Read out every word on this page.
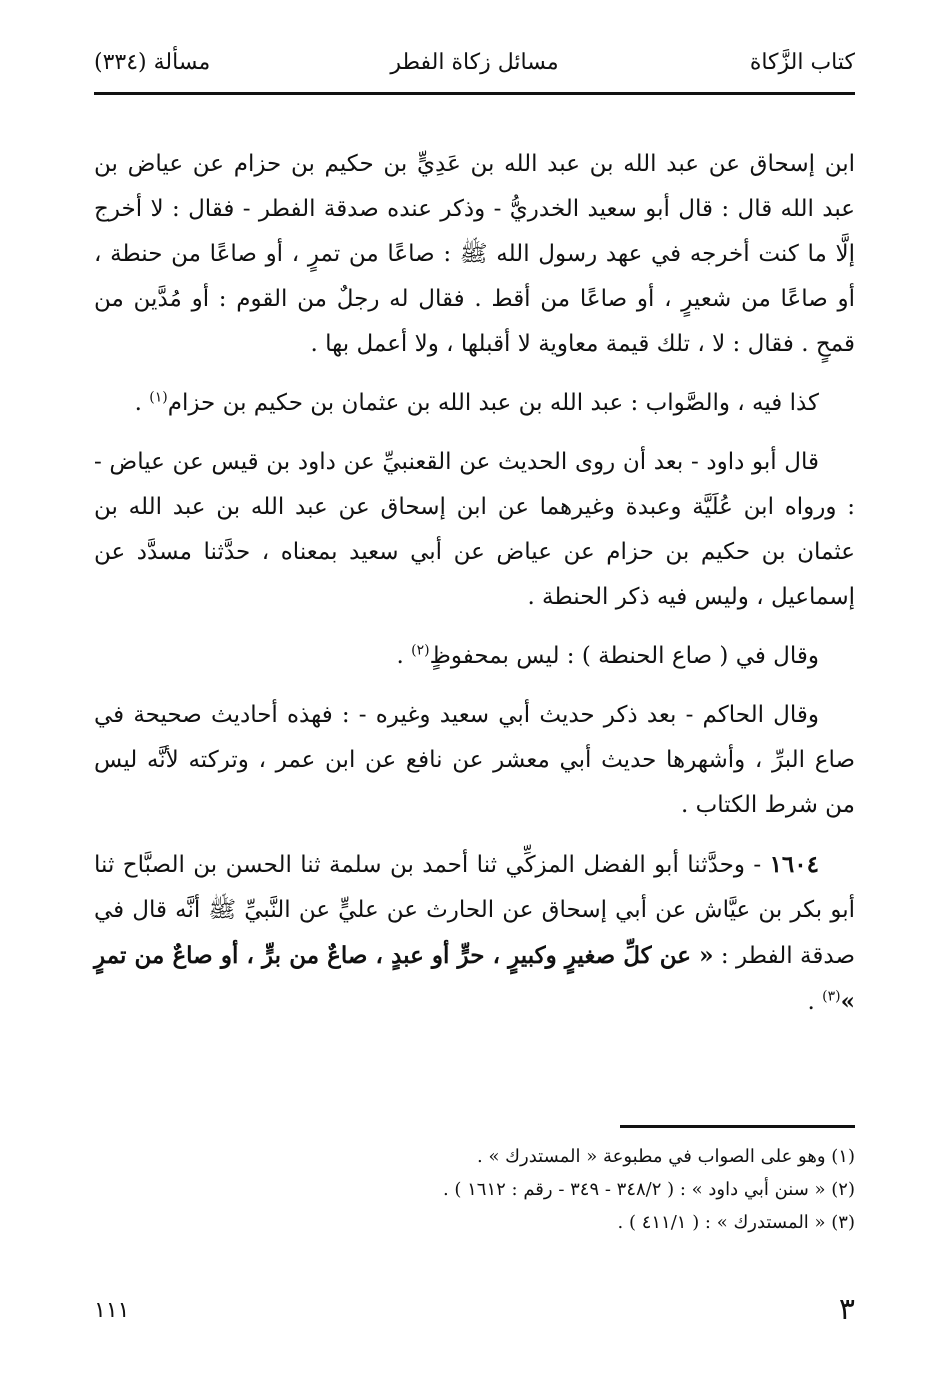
كتاب الزَّكاة
مسائل زكاة الفطر
مسألة (٣٣٤)

ابن إسحاق عن عبد الله بن عبد الله بن عَدِيٍّ بن حكيم بن حزام عن عياض بن عبد الله قال : قال أبو سعيد الخدريُّ - وذكر عنده صدقة الفطر - فقال : لا أخرج إلَّا ما كنت أخرجه في عهد رسول الله ﷺ : صاعًا من تمرٍ ، أو صاعًا من حنطة ، أو صاعًا من شعيرٍ ، أو صاعًا من أقط . فقال له رجلٌ من القوم : أو مُدَّين من قمحٍ . فقال : لا ، تلك قيمة معاوية لا أقبلها ، ولا أعمل بها .

كذا فيه ، والصَّواب : عبد الله بن عبد الله بن عثمان بن حكيم بن حزام$^{(١)}$ .

قال أبو داود - بعد أن روى الحديث عن القعنبيِّ عن داود بن قيس عن عياض - : ورواه ابن عُلَيَّة وعبدة وغيرهما عن ابن إسحاق عن عبد الله بن عبد الله بن عثمان بن حكيم بن حزام عن عياض عن أبي سعيد بمعناه ، حدَّثنا مسدَّد عن إسماعيل ، وليس فيه ذكر الحنطة .

وقال في ( صاع الحنطة ) : ليس بمحفوظٍ$^{(٢)}$ .

وقال الحاكم - بعد ذكر حديث أبي سعيد وغيره - : فهذه أحاديث صحيحة في صاع البرِّ ، وأشهرها حديث أبي معشر عن نافع عن ابن عمر ، وتركته لأنَّه ليس من شرط الكتاب .

١٦٠٤ - وحدَّثنا أبو الفضل المزكِّي ثنا أحمد بن سلمة ثنا الحسن بن الصبَّاح ثنا أبو بكر بن عيَّاش عن أبي إسحاق عن الحارث عن عليٍّ عن النَّبيِّ ﷺ أنَّه قال في صدقة الفطر : « عن كلِّ صغيرٍ وكبيرٍ ، حرٍّ أو عبدٍ ، صاعٌ من برٍّ ، أو صاعٌ من تمرٍ »$^{(٣)}$ .

(١) وهو على الصواب في مطبوعة « المستدرك » .
(٢) « سنن أبي داود » : ( ٣٤٨/٢ - ٣٤٩ - رقم : ١٦١٢ ) .
(٣) « المستدرك » : ( ٤١١/١ ) .
٣
١١١
